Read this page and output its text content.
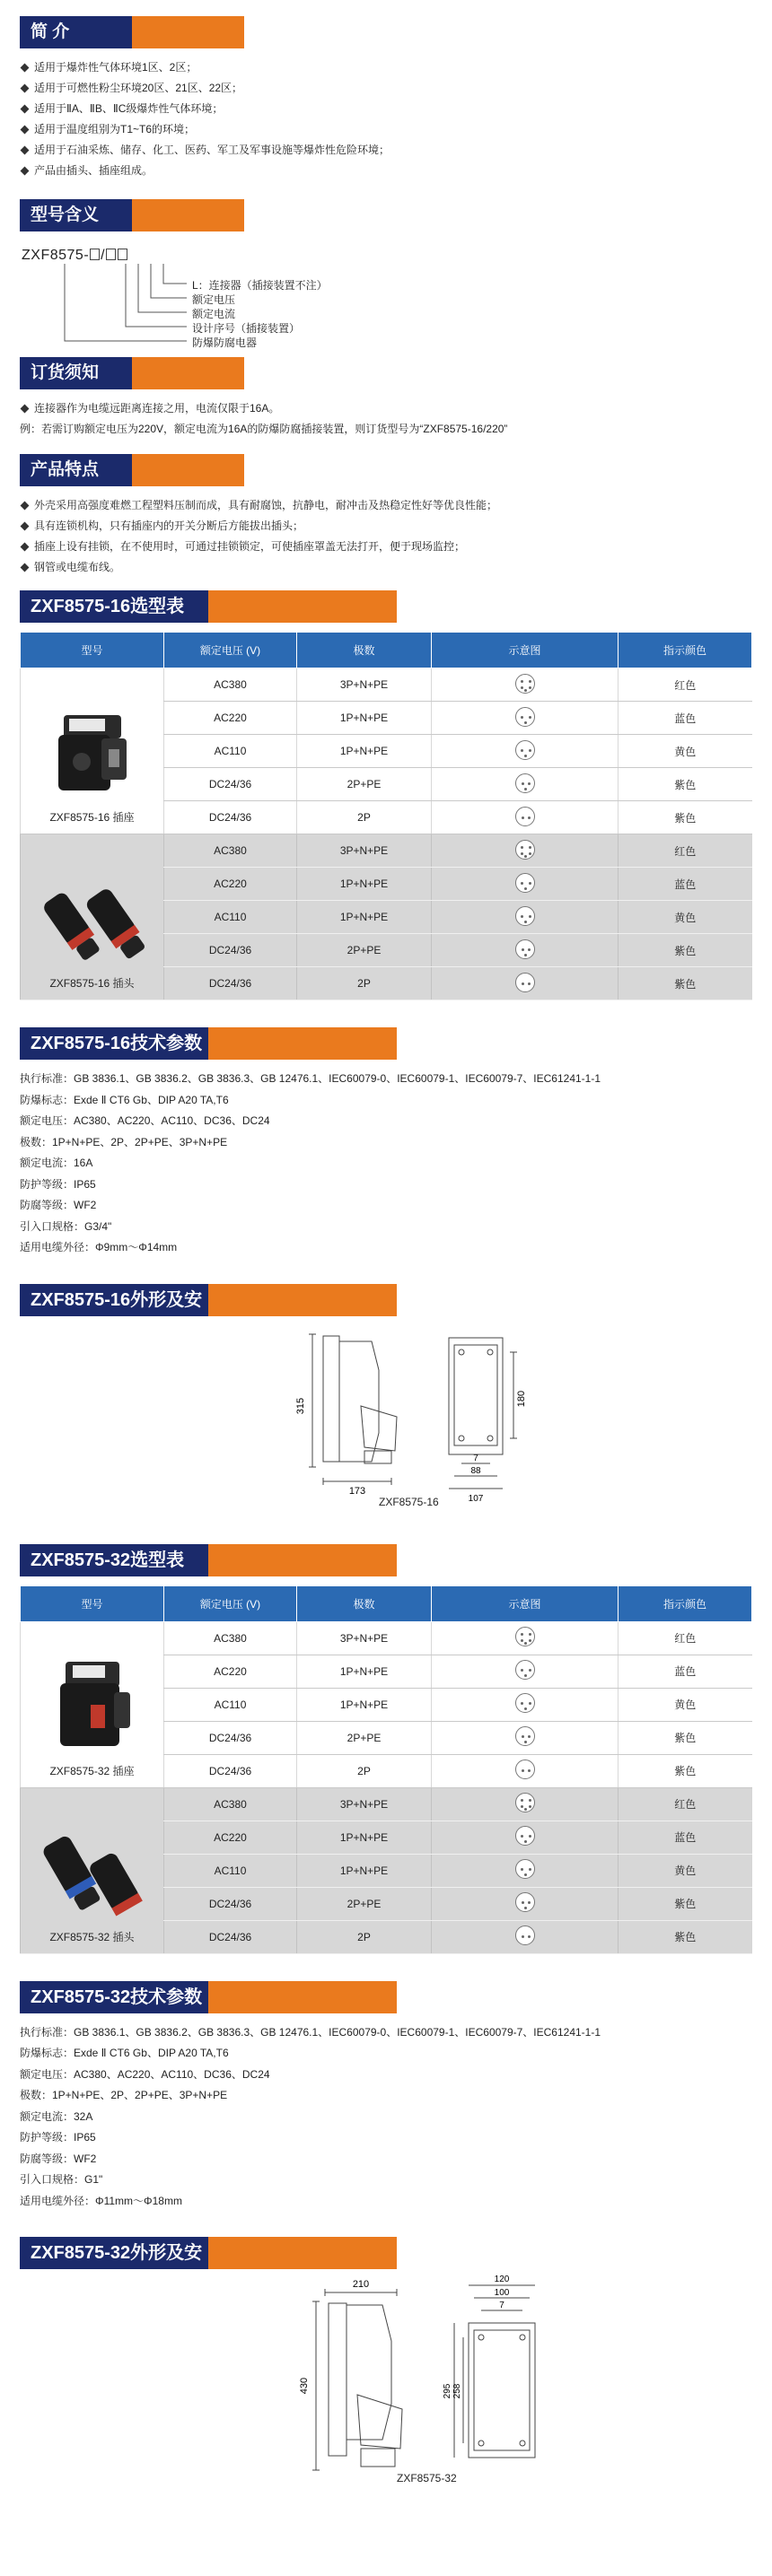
简 介
适用于爆炸性气体环境1区、2区；
适用于可燃性粉尘环境20区、21区、22区；
适用于ⅡA、ⅡB、ⅡC级爆炸性气体环境；
适用于温度组别为T1~T6的环境；
适用于石油采炼、储存、化工、医药、军工及军事设施等爆炸性危险环境；
产品由插头、插座组成。
型号含义
ZXF8575- /
L：连接器（插接装置不注）
额定电压
额定电流
设计序号（插接装置）
防爆防腐电器
订货须知
连接器作为电缆远距离连接之用，电流仅限于16A。
例：若需订购额定电压为220V，额定电流为16A的防爆防腐插接装置，则订货型号为“ZXF8575-16/220”
产品特点
外壳采用高强度难燃工程塑料压制而成，具有耐腐蚀，抗静电，耐冲击及热稳定性好等优良性能；
具有连锁机构，只有插座内的开关分断后方能拔出插头；
插座上设有挂锁，在不使用时，可通过挂锁锁定，可使插座罩盖无法打开，便于现场监控；
钢管或电缆布线。
ZXF8575-16选型表
型号	额定电压 (V)	极数	示意图	指示颜色

ZXF8575-16 插座	AC380	3P+N+PE		红色
	AC220	1P+N+PE		蓝色
	AC110	1P+N+PE		黄色
	DC24/36	2P+PE		紫色
	DC24/36	2P		紫色

ZXF8575-16 插头	AC380	3P+N+PE		红色
	AC220	1P+N+PE		蓝色
	AC110	1P+N+PE		黄色
	DC24/36	2P+PE		紫色
	DC24/36	2P		紫色
ZXF8575-16技术参数
执行标准：GB 3836.1、GB 3836.2、GB 3836.3、GB 12476.1、IEC60079-0、IEC60079-1、IEC60079-7、IEC61241-1-1
防爆标志：Exde Ⅱ CT6 Gb、DIP A20 TA,T6
额定电压：AC380、AC220、AC110、DC36、DC24
极数：1P+N+PE、2P、2P+PE、3P+N+PE
额定电流：16A
防护等级：IP65
防腐等级：WF2
引入口规格：G3/4"
适用电缆外径：Φ9mm～Φ14mm
ZXF8575-16外形及安装尺寸
315
173
180
7
88
107
ZXF8575-16
ZXF8575-32选型表
型号	额定电压 (V)	极数	示意图	指示颜色

ZXF8575-32 插座	AC380	3P+N+PE		红色
	AC220	1P+N+PE		蓝色
	AC110	1P+N+PE		黄色
	DC24/36	2P+PE		紫色
	DC24/36	2P		紫色

ZXF8575-32 插头	AC380	3P+N+PE		红色
	AC220	1P+N+PE		蓝色
	AC110	1P+N+PE		黄色
	DC24/36	2P+PE		紫色
	DC24/36	2P		紫色
ZXF8575-32技术参数
执行标准：GB 3836.1、GB 3836.2、GB 3836.3、GB 12476.1、IEC60079-0、IEC60079-1、IEC60079-7、IEC61241-1-1
防爆标志：Exde Ⅱ CT6 Gb、DIP A20 TA,T6
额定电压：AC380、AC220、AC110、DC36、DC24
极数：1P+N+PE、2P、2P+PE、3P+N+PE
额定电流：32A
防护等级：IP65
防腐等级：WF2
引入口规格：G1"
适用电缆外径：Φ11mm～Φ18mm
ZXF8575-32外形及安装尺寸	210
430
120
100
7
258
295
ZXF8575-32
